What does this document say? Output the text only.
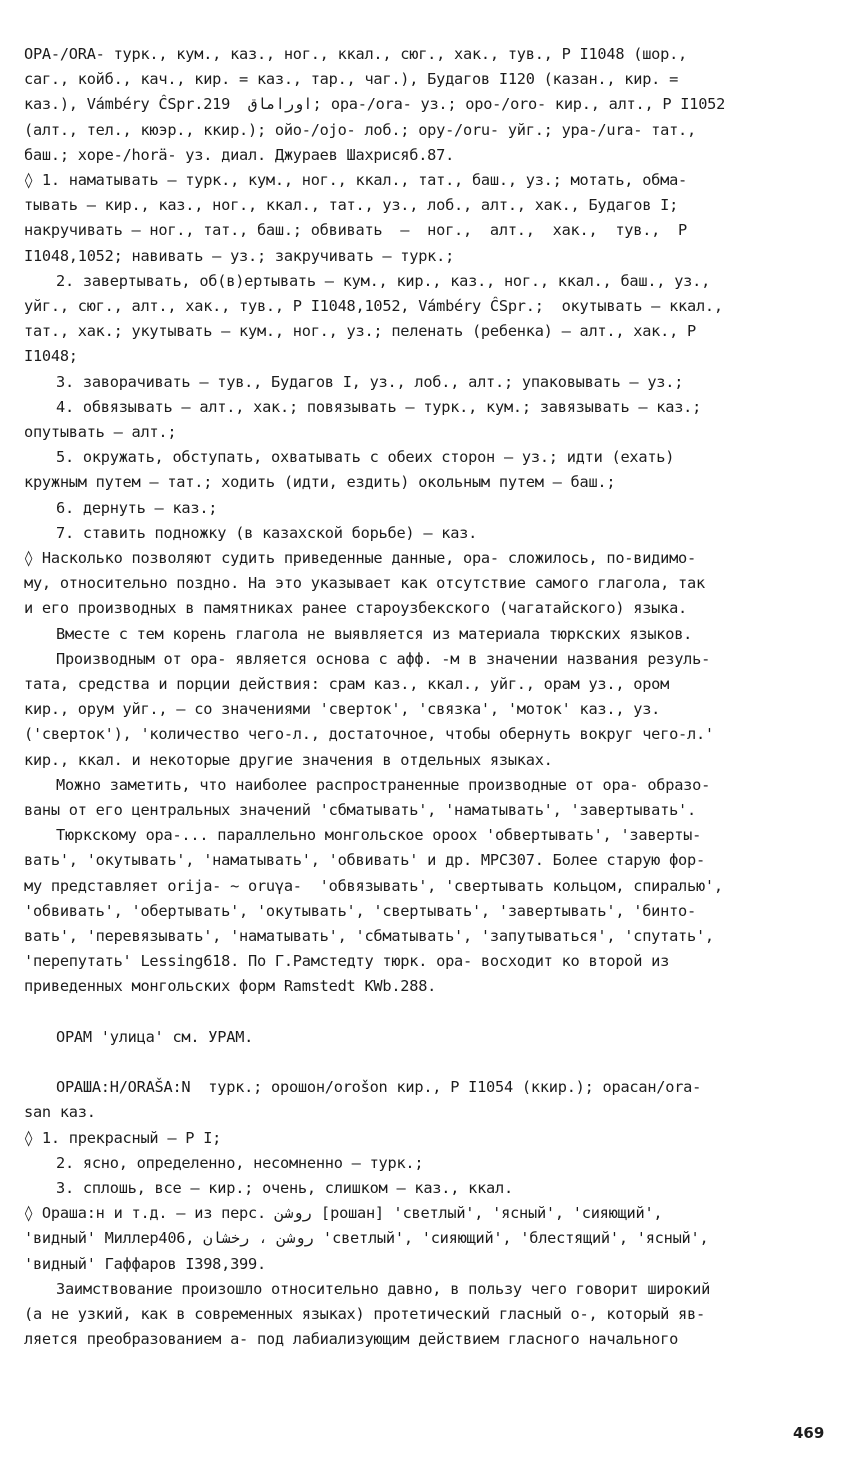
ОРА-/ORA- турк., кум., каз., ног., ккал., сюг., хак., тув., Р I1048 (шор.,
саг., койб., кач., кир. = каз., тар., чаг.), Будагов I120 (казан., кир. =
каз.), Vámbéry ĈSpr.219  اوراماق; ора-/ora- уз.; оро-/oro- кир., алт., Р I1052
(алт., тел., кюэр., ккир.); ойо-/ojo- лоб.; ору-/oru- уйг.; ура-/ura- тат.,
баш.; хоре-/horä- уз. диал. Джураев Шахрисяб.87.
◊ 1. наматывать – турк., кум., ног., ккал., тат., баш., уз.; мотать, обма-
тывать – кир., каз., ног., ккал., тат., уз., лоб., алт., хак., Будагов I;
накручивать – ног., тат., баш.; обвивать  –  ног.,  алт.,  хак.,  тув.,  Р
I1048,1052; навивать – уз.; закручивать – турк.;
2. завертывать, об(в)ертывать – кум., кир., каз., ног., ккал., баш., уз.,
уйг., сюг., алт., хак., тув., Р I1048,1052, Vámbéry ĈSpr.;  окутывать – ккал.,
тат., хак.; укутывать – кум., ног., уз.; пеленать (ребенка) – алт., хак., Р
I1048;
3. заворачивать – тув., Будагов I, уз., лоб., алт.; упаковывать – уз.;
4. обвязывать – алт., хак.; повязывать – турк., кум.; завязывать – каз.;
опутывать – алт.;
5. окружать, обступать, охватывать с обеих сторон – уз.; идти (ехать)
кружным путем – тат.; ходить (идти, ездить) окольным путем – баш.;
6. дернуть – каз.;
7. ставить подножку (в казахской борьбе) – каз.
◊ Насколько позволяют судить приведенные данные, ора- сложилось, по-видимо-
му, относительно поздно. На это указывает как отсутствие самого глагола, так
и его производных в памятниках ранее староузбекского (чагатайского) языка.
Вместе с тем корень глагола не выявляется из материала тюркских языков.
Производным от ора- является основа с афф. -м в значении названия резуль-
тата, средства и порции действия: срам каз., ккал., уйг., орам уз., ором
кир., орум уйг., – со значениями 'сверток', 'связка', 'моток' каз., уз.
('сверток'), 'количество чего-л., достаточное, чтобы обернуть вокруг чего-л.'
кир., ккал. и некоторые другие значения в отдельных языках.
Можно заметить, что наиболее распространенные производные от ора- образо-
ваны от его центральных значений 'сбматывать', 'наматывать', 'завертывать'.
Тюркскому ора-... параллельно монгольское ороох 'обвертывать', 'заверты-
вать', 'окутывать', 'наматывать', 'обвивать' и др. МРС307. Более старую фор-
му представляет orija- ~ oruγa-  'обвязывать', 'свертывать кольцом, спиралью',
'обвивать', 'обертывать', 'окутывать', 'свертывать', 'завертывать', 'бинто-
вать', 'перевязывать', 'наматывать', 'сбматывать', 'запутываться', 'спутать',
'перепутать' Lessing618. По Г.Рамстедту тюрк. ора- восходит ко второй из
приведенных монгольских форм Ramstedt KWb.288.
ОРАМ 'улица' см. УРАМ.
ОРАША:Н/ORAŠA:N  турк.; орошон/orošon кир., Р I1054 (ккир.); орасан/ora-
san каз.
◊ 1. прекрасный – Р I;
2. ясно, определенно, несомненно – турк.;
3. сплошь, все – кир.; очень, слишком – каз., ккал.
◊ Ораша:н и т.д. – из перс. روشن [рошан] 'светлый', 'ясный', 'сияющий',
'видный' Миллер406, روشن ، رخشان 'светлый', 'сияющий', 'блестящий', 'ясный',
'видный' Гаффаров I398,399.
Заимствование произошло относительно давно, в пользу чего говорит широкий
(а не узкий, как в современных языках) протетический гласный о-, который яв-
ляется преобразованием а- под лабиализующим действием гласного начального
469
